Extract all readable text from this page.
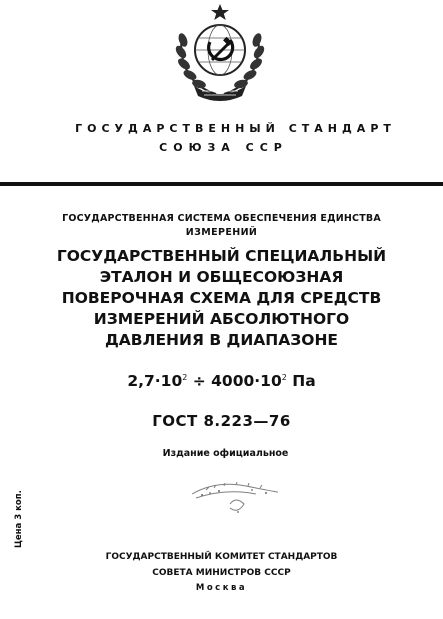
ГОСУДАРСТВЕННЫЙ СТАНДАРТ
СОЮЗА ССР
ГОСУДАРСТВЕННАЯ СИСТЕМА ОБЕСПЕЧЕНИЯ ЕДИНСТВА
ИЗМЕРЕНИЙ
ГОСУДАРСТВЕННЫЙ СПЕЦИАЛЬНЫЙ
ЭТАЛОН И ОБЩЕСОЮЗНАЯ
ПОВЕРОЧНАЯ СХЕМА ДЛЯ СРЕДСТВ
ИЗМЕРЕНИЙ АБСОЛЮТНОГО
ДАВЛЕНИЯ В ДИАПАЗОНЕ
$2,7\cdot 10^2 \div 4000\cdot 10^2$ Па
ГОСТ 8.223—76
Издание официальное
Цена 3 коп.
ГОСУДАРСТВЕННЫЙ КОМИТЕТ СТАНДАРТОВ
СОВЕТА МИНИСТРОВ СССР
Москва
